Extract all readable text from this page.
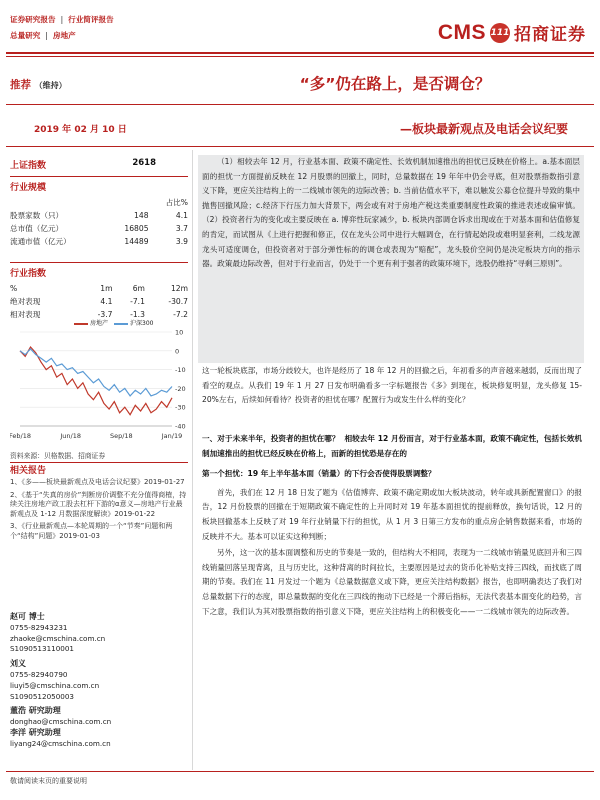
证券研究报告 | 行业简评报告
总量研究 | 房地产	CMS 111 招商证券
推荐 （维持）	“多”仍在路上，是否调仓？
2019 年 02 月 10 日	—板块最新观点及电话会议纪要
上证指数	2618
行业规模
		占比%
股票家数（只）	148	4.1
总市值（亿元）	16805	3.7
流通市值（亿元）	14489	3.9
行业指数
%	1m	6m	12m
绝对表现	4.1	-7.1	-30.7
相对表现	-3.7	-1.3	-7.2
房地产	沪深300
10
0
-10
-20
-30
-40
Feb/18	Jun/18	Sep/18	Jan/19
资料来源：贝格数据、招商证券
相关报告
1、《多——板块最新观点及电话会议纪要》2019-01-27
2、《基于“失真的房价”判断房价调整不充分值得商榷，持续关注房地产政工股去杠杆下游的α意义—房地产行业最新观点及 1-12 月数据深度解读》2019-01-22
3、《行业最新观点—本轮周期的一个“节奏”问题和两个“结构”问题》2019-01-03
赵可 博士
0755-82943231
zhaoke@cmschina.com.cn
S1090513110001
刘义
0755-82940790
liuyi5@cmschina.com.cn
S1090512050003
董浩 研究助理
donghao@cmschina.com.cn
李洋 研究助理
liyang24@cmschina.com.cn
敬请阅读末页的重要说明

（1）相较去年 12 月，行业基本面、政策不确定性、长效机制加速推出的担忧已反映在价格上。a.基本面层面的担忧一方面提前反映在 12 月股票的回撤上，同时，总量数据在 19 年年中仍会寻底，但对股票指数指引意义下降，更应关注结构上的一二线城市领先的边际改善；b. 当前估值水平下，难以触发公募仓位提升导致的集中抛售回撤风险；c.经济下行压力加大背景下，两会或有对于房地产税这类重要制度性政策的推进表述或偏审慎。（2）投资者行为的变化或主要反映在 a. 博弈性玩家减少，b. 板块内部调仓诉求出现或在于对基本面和估值修复的肯定，而试图从《上进行把握和修正，仅在龙头公司中进行大幅调仓，在行情起始段或难明显套利，二线龙源龙头可适度调仓，但投资者对于部分弹性标的的调仓或表现为“赔配”，龙头股价空间仍是决定板块方向的指示器。政策最边际改善，但对于行业而言，仍处于一个更有利于强者的政策环境下，选股仍维持“寻剩三原则”。

这一轮板块底部，市场分歧较大，也许是经历了 18 年 12 月的回撤之后，年初看多的声音越来越弱，反而出现了看空的观点。从我们 19 年 1 月 27 日发布明确看多一字标题报告《多》到现在，板块修复明显，龙头修复 15-20%左右，后续如何看待？投资者的担忧在哪？配置行为或发生什么样的变化？

一、对于未来半年，投资者的担忧在哪？ 相较去年 12 月份而言，对于行业基本面，政策不确定性，包括长效机制加速推出的担忧已经反映在价格上，而新的担忧恐是存在的

第一个担忧：19 年上半年基本面（销量）的下行会否使得股票调整？

首先，我们在 12 月 18 日发了题为《估值博弈、政策不确定期或加大板块波动，转年或具新配置窗口》的报告，12 月份股票的回撤在于短期政策不确定性的上升同时对 19 年基本面担忧的提前释放，换句话说，12 月的板块回撤基本上反映了对 19 年行业销量下行的担忧，从 1 月 3 日第三方发布的重点房企销售数据来看，市场的反映并不大。基本可以证实这种判断；

另外，这一次的基本面调整和历史的节奏是一致的，但结构大不相同，表现为一二线城市销量见底回升和三四线销量回落呈现背离，且与历史比，这种背离的时间拉长，主要原因是过去的货币化补贴支持三四线，而找底了周期的节奏。我们在 11 月发过一个题为《总量数据意义或下降，更应关注结构数据》报告，也即明确表达了我们对总量数据下行的态度，即总量数据的变化在三四线的拖动下已经是一个滞后指标，无法代表基本面变化的趋势，言下之意，我们认为其对股票指数的指引意义下降，更应关注结构上的积极变化——一二线城市领先的边际改善。
